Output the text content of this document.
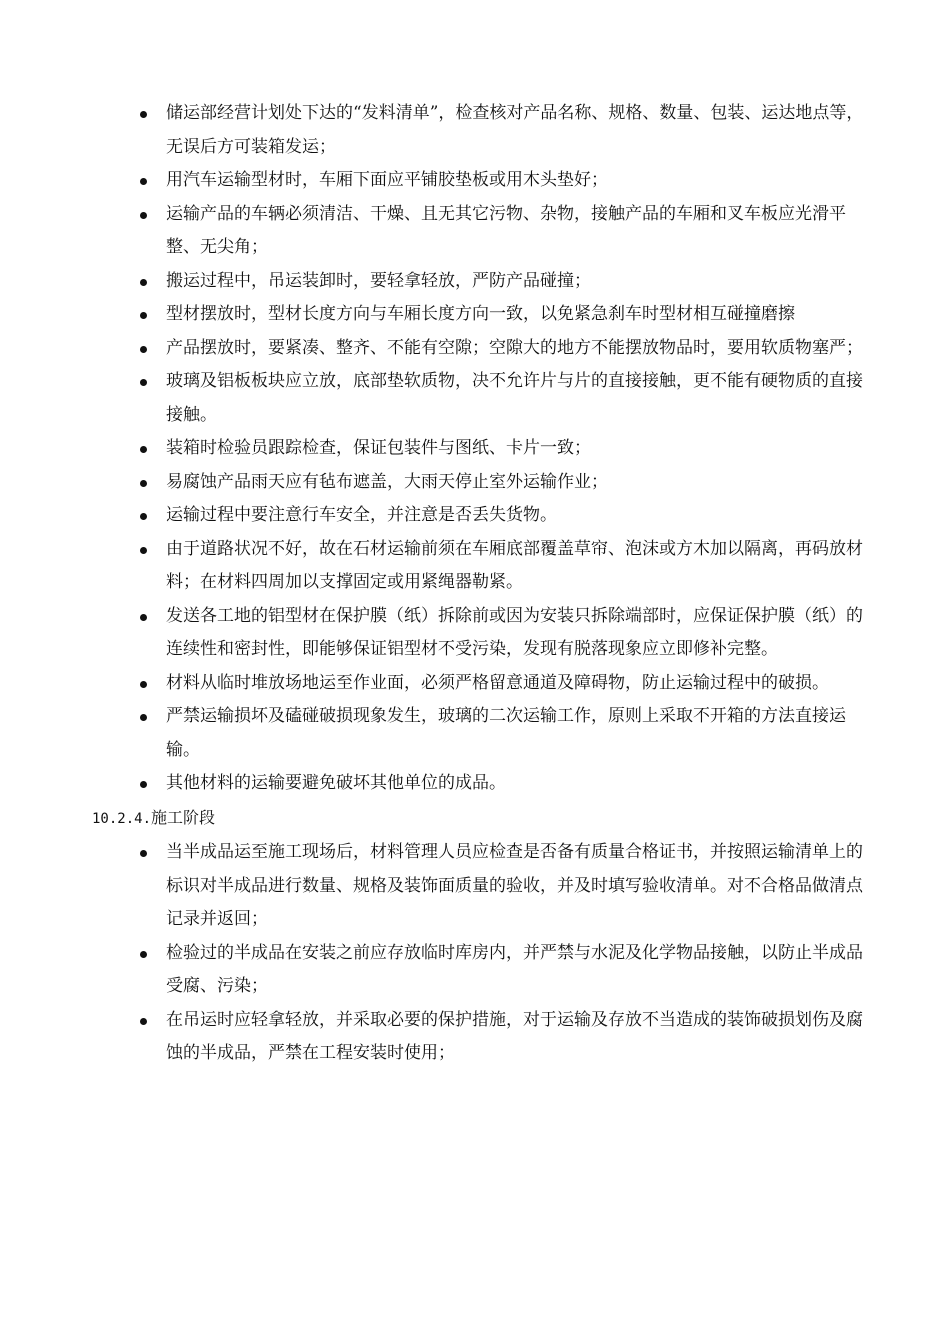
储运部经营计划处下达的“发料清单”，检查核对产品名称、规格、数量、包装、运达地点等，无误后方可装箱发运；
用汽车运输型材时，车厢下面应平铺胶垫板或用木头垫好；
运输产品的车辆必须清洁、干燥、且无其它污物、杂物，接触产品的车厢和叉车板应光滑平整、无尖角；
搬运过程中，吊运装卸时，要轻拿轻放，严防产品碰撞；
型材摆放时，型材长度方向与车厢长度方向一致，以免紧急刹车时型材相互碰撞磨擦
产品摆放时，要紧凑、整齐、不能有空隙；空隙大的地方不能摆放物品时，要用软质物塞严；
玻璃及铝板板块应立放，底部垫软质物，决不允许片与片的直接接触，更不能有硬物质的直接接触。
装箱时检验员跟踪检查，保证包装件与图纸、卡片一致；
易腐蚀产品雨天应有毡布遮盖，大雨天停止室外运输作业；
运输过程中要注意行车安全，并注意是否丢失货物。
由于道路状况不好，故在石材运输前须在车厢底部覆盖草帘、泡沫或方木加以隔离，再码放材料；在材料四周加以支撑固定或用紧绳器勒紧。
发送各工地的铝型材在保护膜（纸）拆除前或因为安装只拆除端部时，应保证保护膜（纸）的连续性和密封性，即能够保证铝型材不受污染，发现有脱落现象应立即修补完整。
材料从临时堆放场地运至作业面，必须严格留意通道及障碍物，防止运输过程中的破损。
严禁运输损坏及磕碰破损现象发生，玻璃的二次运输工作，原则上采取不开箱的方法直接运输。
其他材料的运输要避免破坏其他单位的成品。

10.2.4.施工阶段

当半成品运至施工现场后，材料管理人员应检查是否备有质量合格证书，并按照运输清单上的标识对半成品进行数量、规格及装饰面质量的验收，并及时填写验收清单。对不合格品做清点记录并返回；
检验过的半成品在安装之前应存放临时库房内，并严禁与水泥及化学物品接触，以防止半成品受腐、污染；
在吊运时应轻拿轻放，并采取必要的保护措施，对于运输及存放不当造成的装饰破损划伤及腐蚀的半成品，严禁在工程安装时使用；
